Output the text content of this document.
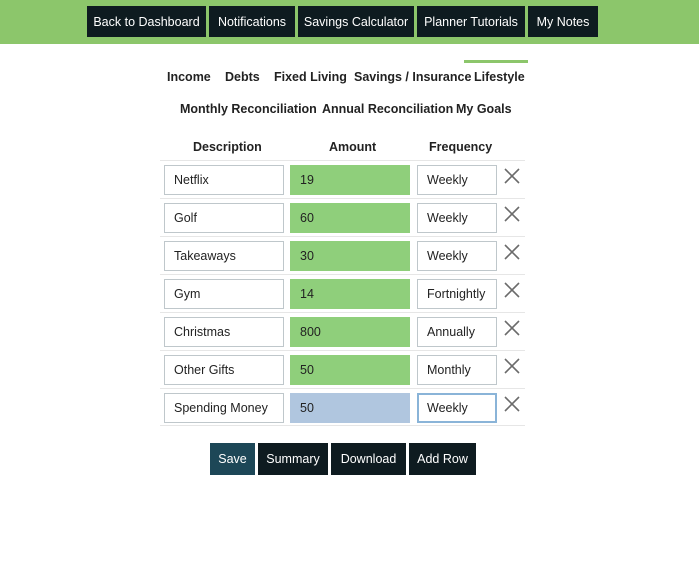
Back to Dashboard	Notifications	Savings Calculator	Planner Tutorials	My Notes
Income Debts Fixed Living Savings / Insurance Lifestyle
Monthly Reconciliation Annual Reconciliation My Goals
Description	Amount	Frequency
Netflix	19	Weekly
Golf	60	Weekly
Takeaways	30	Weekly
Gym	14	Fortnightly
Christmas	800	Annually
Other Gifts	50	Monthly
Spending Money	50	Weekly
Save	Summary	Download	Add Row
